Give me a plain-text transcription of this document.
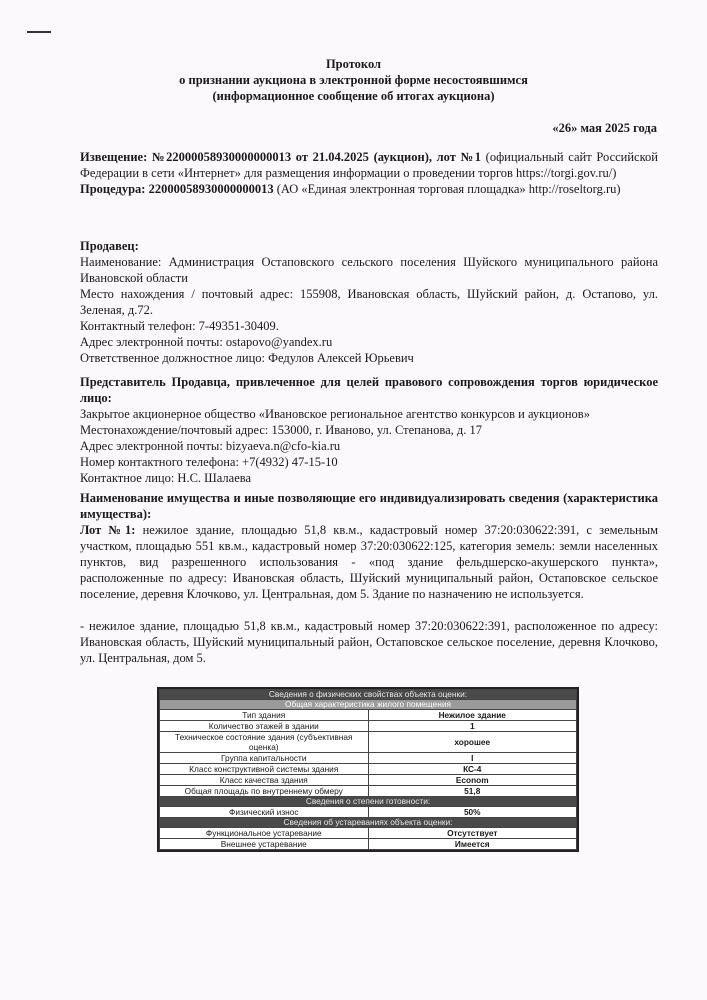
Протокол
о признании аукциона в электронной форме несостоявшимся
(информационное сообщение об итогах аукциона)
«26» мая 2025 года

Извещение: №22000058930000000013 от 21.04.2025 (аукцион), лот №1 (официальный сайт Российской Федерации в сети «Интернет» для размещения информации о проведении торгов https://torgi.gov.ru/)

Процедура: 22000058930000000013 (АО «Единая электронная торговая площадка» http://roseltorg.ru)

Продавец:

Наименование: Администрация Остаповского сельского поселения Шуйского муниципального района Ивановской области

Место нахождения / почтовый адрес: 155908, Ивановская область, Шуйский район, д. Остапово, ул. Зеленая, д.72.

Контактный телефон: 7-49351-30409.

Адрес электронной почты: ostapovo@yandex.ru

Ответственное должностное лицо: Федулов Алексей Юрьевич

Представитель Продавца, привлеченное для целей правового сопровождения торгов юридическое лицо:

Закрытое акционерное общество «Ивановское региональное агентство конкурсов и аукционов»

Местонахождение/почтовый адрес: 153000, г. Иваново, ул. Степанова, д. 17

Адрес электронной почты: bizyaeva.n@cfo-kia.ru

Номер контактного телефона: +7(4932) 47-15-10

Контактное лицо: Н.С. Шалаева

Наименование имущества и иные позволяющие его индивидуализировать сведения (характеристика имущества):

Лот №1: нежилое здание, площадью 51,8 кв.м., кадастровый номер 37:20:030622:391, с земельным участком, площадью 551 кв.м., кадастровый номер 37:20:030622:125, категория земель: земли населенных пунктов, вид разрешенного использования - «под здание фельдшерско-акушерского пункта», расположенные по адресу: Ивановская область, Шуйский муниципальный район, Остаповское сельское поселение, деревня Клочково, ул. Центральная, дом 5. Здание по назначению не используется.

- нежилое здание, площадью 51,8 кв.м., кадастровый номер 37:20:030622:391, расположенное по адресу: Ивановская область, Шуйский муниципальный район, Остаповское сельское поселение, деревня Клочково, ул. Центральная, дом 5.

Сведения о физических свойствах объекта оценки:	
Общая характеристика жилого помещения	
Тип здания	Нежилое здание
Количество этажей в здании	1
Техническое состояние здания (субъективная оценка)	хорошее
Группа капитальности	I
Класс конструктивной системы здания	КС-4
Класс качества здания	Econom
Общая площадь по внутреннему обмеру	51,8
Сведения о степени готовности:	
Физический износ	50%
Сведения об устареваниях объекта оценки:	
Функциональное устаревание	Отсутствует
Внешнее устаревание	Имеется
